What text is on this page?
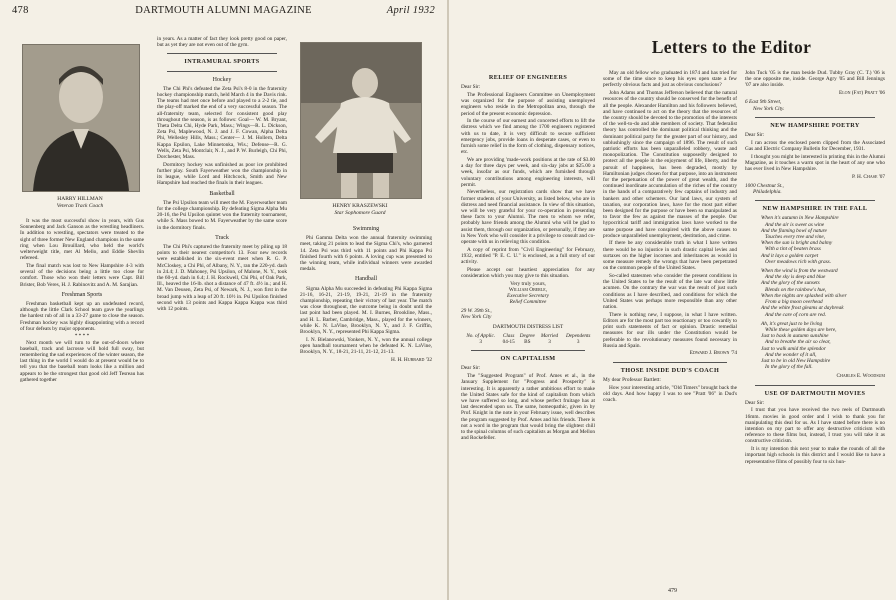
478	DARTMOUTH ALUMNI MAGAZINE	April 1932
HARRY HILLMAN
Veteran Track Coach

It was the most successful show in years, with Gus Sonnenberg and Jack Ganson as the wrestling headliners. In addition to wrestling, spectators were treated to the sight of three former New England champions in the same ring when Lou Brouillard, who held the world's welterweight title, met Al Mello, and Eddie Shevlin refereed.

The final match was lost to New Hampshire 4-3 with several of the decisions being a little too close for comfort. Those who won their letters were Capt. Bill Brister, Bob Veres, H. J. Rabinovitz and A. M. Sarajian.

Freshman Sports

Freshman basketball kept up an undefeated record, although the little Clark School team gave the yearlings the hardest rub of all in a 33-27 game to close the season. Freshman hockey was highly disappointing with a record of four defeats by major opponents.

* * * *

Next month we will turn to the out-of-doors where baseball, track and lacrosse will hold full sway, but remembering the sad experiences of the winter season, the last thing in the world I would do at present would be to tell you that the baseball team looks like a million and appears to be the strongest that good old Jeff Tesreau has gathered together

in years. As a matter of fact they look pretty good on paper, but as yet they are not even out of the gym.

INTRAMURAL SPORTS
Hockey

The Chi Phi's defeated the Zeta Psi's 8-0 in the fraternity hockey championship match, held March 4 in the Davis rink. The teams had met once before and played to a 2-2 tie, and the play-off marked the end of a very successful season. The all-fraternity team, selected for consistent good play throughout the season, is as follows: Goal— W. M. Bryant, Theta Delta Chi, Hyde Park, Mass.; Wings—R. L. Dickson, Zeta Psi, Maplewood, N. J. and J. F. Cowan, Alpha Delta Phi, Wellesley Hills, Mass.; Center— J. M. Hollern, Delta Kappa Epsilon, Lake Minnetonka, Wis.; Defense—R. G. Wells, Zeta Psi, Montclair, N. J., and P. W. Burleigh, Chi Phi, Dorchester, Mass.

Dormitory hockey was unfinished as poor ice prohibited further play. South Fayerweather won the championship in its league, while Lord and Hitchcock, Smith and New Hampshire had reached the finals in their leagues.

Basketball

The Psi Upsilon team will meet the M. Fayerweather team for the college championship. By defeating Sigma Alpha Mu 20-16, the Psi Upsilon quintet won the fraternity tournament, while S. Mass bowed to M. Fayerweather by the same score in the dormitory finals.

Track

The Chi Phi's captured the fraternity meet by piling up 18 points to their nearest competitor's 13. Four new records were established in the six-event meet when R. G. P. McCloskey, a Chi Phi, of Albany, N. Y., ran the 220-yd. dash in 24.4; J. D. Mahoney, Psi Upsilon, of Malone, N. Y., took the 60-yd. dash in 6.4; J. H. Rockwell, Chi Phi, of Oak Park, Ill., heaved the 16-lb. shot a distance of 47 ft. 4½ in.; and H. M. Van Deusen, Zeta Psi, of Newark, N. J., won first in the broad jump with a leap of 20 ft. 10½ in. Psi Upsilon finished second with 13 points and Kappa Kappa Kappa was third with 12 points.

HENRY KRASZEWSKI
Star Sophomore Guard
Swimming

Phi Gamma Delta won the annual fraternity swimming meet, taking 21 points to lead the Sigma Chi's, who garnered 14. Zeta Psi was third with 11 points and Phi Kappa Psi finished fourth with 6 points. A loving cup was presented to the winning team, while individual winners were awarded medals.

Handball

Sigma Alpha Mu succeeded in defeating Phi Kappa Sigma 21-16, 16-21, 21-19, 19-21, 21-19 in the fraternity championship, repeating their victory of last year. The match was close throughout, the outcome being in doubt until the last point had been played. M. I. Burnes, Brookline, Mass., and H. L. Barber, Cambridge, Mass., played for the winners, while K. N. LaVine, Brooklyn, N. Y., and J. F. Griffin, Brooklyn, N. Y., represented Phi Kappa Sigma.

I. N. Bielanowski, Yonkers, N. Y., won the annual college open handball tournament when he defeated K. N. LaVine, Brooklyn, N. Y., 18-21, 21-11, 21-12, 21-13.

H. H. Hubbard '32
Letters to the Editor
RELIEF OF ENGINEERS

Dear Sir:

The Professional Engineers Committee on Unemployment was organized for the purpose of assisting unemployed engineers who reside in the Metropolitan area, through the period of the present economic depression.

In the course of our earnest and concerted efforts to lift the distress which we find among the 1700 engineers registered with us to date, it is very difficult to secure sufficient emergency jobs, provide loans in desperate cases, or even to furnish some relief in the form of clothing, dispensary notices, etc.

We are providing 'made-work positions at the rate of $3.00 a day for three days per week, and six-day jobs at $25.00 a week, insofar as our funds, which are furnished through voluntary contributions among engineering interests, will permit.

Nevertheless, our registration cards show that we have former students of your University, as listed below, who are in distress and need financial assistance. In view of this situation, we will be very grateful for your co-operation in presenting these facts to your Alumni. The men to whom we refer, probably have friends among the Alumni who will be glad to assist them, through our organization, or personally, if they are in New York who will consider it a privilege to consult and co-operate with us in relieving this condition.

A copy of reprint from "Civil Engineering" for February, 1932, entitled "P. E. C. U." is enclosed, as a full story of our activity.

Please accept our heartiest appreciation for any consideration which you may give to this situation.

Very truly yours,
William Oberle,
Executive Secretary
Relief Committee
29 W. 39th St.,
New York City
DARTMOUTH DISTRESS LIST
No. of Applic.	Class	Degree	Married	Dependents
3	04-15	BS	3	3
ON CAPITALISM

Dear Sir:

The "Suggested Program" of Prof. Ames et al., in the January Supplement for "Progress and Prosperity" is interesting. It is apparently a rather ambitious effort to make the United States safe for the kind of capitalism from which we have suffered so long, and whose perfect fruitage has at last descended upon us. The same, homeopathic, given in by Prof. Knight in the note in your February issue, well describes the program suggested by Prof. Ames and his friends. There is not a word in the program that would bring the slightest chill to the spinal columns of such capitalists as Morgan and Mellon and Rockefeller.

May an old fellow who graduated in 1874 and has tried for some of the time since to keep his eyes open state a few perfectly obvious facts and just as obvious conclusions?

John Adams and Thomas Jefferson believed that the natural resources of the country should be conserved for the benefit of all the people. Alexander Hamilton and his followers believed, and have continued to act on the theory that the resources of the country should be devoted to the promotion of the interests of the well-to-do and able members of society. That federalist theory has controlled the dominant political thinking and the dominant political party for the greater part of our history, and unblushingly since the campaign of 1896. The result of such patriotic efforts has been unparalleled robbery, waste and monopolization. The Constitution supposedly designed to protect all the people in the enjoyment of life, liberty, and the pursuit of happiness, has been degraded, mostly by Hamiltonian judges chosen for that purpose, into an instrument for the perpetuation of the power of great wealth, and the continued inordinate accumulation of the riches of the country in the hands of a comparatively few captains of industry and bankers and other schemers. Our land laws, our system of taxation, our corporation laws, have for the most part either been designed for the purpose or have been so manipulated as to favor the few as against the masses of the people. Our hypocritical tariff and immigration laws have worked to the same purpose and have conspired with the above causes to produce unparalleled unemployment, destitution, and crime.

If there be any considerable truth in what I have written there would be no injustice in such drastic capital levies and surtaxes on the higher incomes and inheritances as would in some measure remedy the wrongs that have been perpetrated on the common people of the United States.

So-called statesmen who consider the present conditions in the United States to be the result of the late war show little acumen. On the contrary the war was the result of just such conditions as I have described, and conditions for which the United States was perhaps more responsible than any other nation.

There is nothing new, I suppose, in what I have written. Editors are for the most part too reactionary or too cowardly to print such statements of fact or opinion. Drastic remedial measures for our ills under the Constitution would be preferable to the revolutionary measures found necessary in Russia and Spain.

Edward J. Brown '74
THOSE INSIDE DUD'S COACH

My dear Professor Bartlett:

How your interesting article, "Old Timers" brought back the old days. And how happy I was to see "Pratt '06" in Dud's coach.

John Tuck '05 is the man beside Dud. Tubby Gray (C. T.) '06 is the one opposite me, inside. George Agry '05 and Bill Jennings '07 are also inside.

Elon (Fat) Pratt '06
6 East 9th Street,
New York City.
NEW HAMPSHIRE POETRY

Dear Sir:

I ran across the enclosed poem clipped from the Associated Gas and Electric Company Bulletin for December, 1931.

I thought you might be interested in printing this in the Alumni Magazine, as it touches a warm spot in the heart of any one who has ever lived in New Hampshire.

P. H. Chase '07
1000 Chestnut St.,
Philadelphia.
NEW HAMPSHIRE IN THE FALL
When it's autumn in New Hampshire
And the air is sweet as wine
And the flaming bowl of nature
Touches every tree and vine,
When the sun is bright and balmy
With a tint of beaten brass
And it lays a golden carpet
Over meadows rich with grass.
When the wind is from the westward
And the sky is deep and blue
And the glory of the sunsets
Blends on the rainbow's hue,
When the nights are splashed with silver
From a big moon overhead
And the white frost gleams at daybreak
And the care of corn are red.
Ah, it's great just to be living
While these golden days are here,
Just to bask in autumn sunshine
And to breathe the air so clear,
Just to walk amid the splendor
And the wonder of it all,
Just to be in old New Hampshire
In the glory of the fall.
Charles E. Woodsum
USE OF DARTMOUTH MOVIES

Dear Sir:

I trust that you have received the two reels of Dartmouth 16mm. movies in good order and I wish to thank you for manipulating this deal for us. As I have stated before there is no intention on my part to offer any destructive criticism with reference to these films but, instead, I trust you will take it as constructive criticism.

It is my intention this next year to make the rounds of all the important high schools in this district and I would like to have a representative films of possibly four to six hun-

479
